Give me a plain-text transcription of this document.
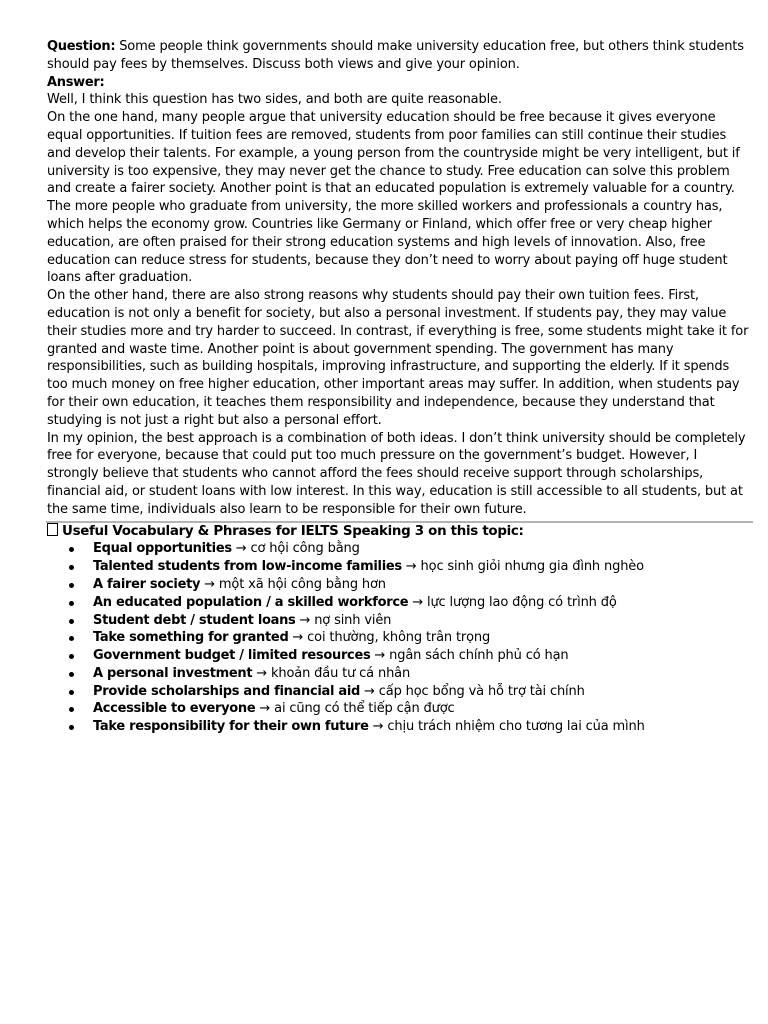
Question: Some people think governments should make university education free, but others think students should pay fees by themselves. Discuss both views and give your opinion.

Answer:

Well, I think this question has two sides, and both are quite reasonable.

On the one hand, many people argue that university education should be free because it gives everyone equal opportunities. If tuition fees are removed, students from poor families can still continue their studies and develop their talents. For example, a young person from the countryside might be very intelligent, but if university is too expensive, they may never get the chance to study. Free education can solve this problem and create a fairer society. Another point is that an educated population is extremely valuable for a country. The more people who graduate from university, the more skilled workers and professionals a country has, which helps the economy grow. Countries like Germany or Finland, which offer free or very cheap higher education, are often praised for their strong education systems and high levels of innovation. Also, free education can reduce stress for students, because they don’t need to worry about paying off huge student loans after graduation.

On the other hand, there are also strong reasons why students should pay their own tuition fees. First, education is not only a benefit for society, but also a personal investment. If students pay, they may value their studies more and try harder to succeed. In contrast, if everything is free, some students might take it for granted and waste time. Another point is about government spending. The government has many responsibilities, such as building hospitals, improving infrastructure, and supporting the elderly. If it spends too much money on free higher education, other important areas may suffer. In addition, when students pay for their own education, it teaches them responsibility and independence, because they understand that studying is not just a right but also a personal effort.

In my opinion, the best approach is a combination of both ideas. I don’t think university should be completely free for everyone, because that could put too much pressure on the government’s budget. However, I strongly believe that students who cannot afford the fees should receive support through scholarships, financial aid, or student loans with low interest. In this way, education is still accessible to all students, but at the same time, individuals also learn to be responsible for their own future.

Useful Vocabulary & Phrases for IELTS Speaking 3 on this topic:

Equal opportunities → cơ hội công bằng
Talented students from low-income families → học sinh giỏi nhưng gia đình nghèo
A fairer society → một xã hội công bằng hơn
An educated population / a skilled workforce → lực lượng lao động có trình độ
Student debt / student loans → nợ sinh viên
Take something for granted → coi thường, không trân trọng
Government budget / limited resources → ngân sách chính phủ có hạn
A personal investment → khoản đầu tư cá nhân
Provide scholarships and financial aid → cấp học bổng và hỗ trợ tài chính
Accessible to everyone → ai cũng có thể tiếp cận được
Take responsibility for their own future → chịu trách nhiệm cho tương lai của mình
